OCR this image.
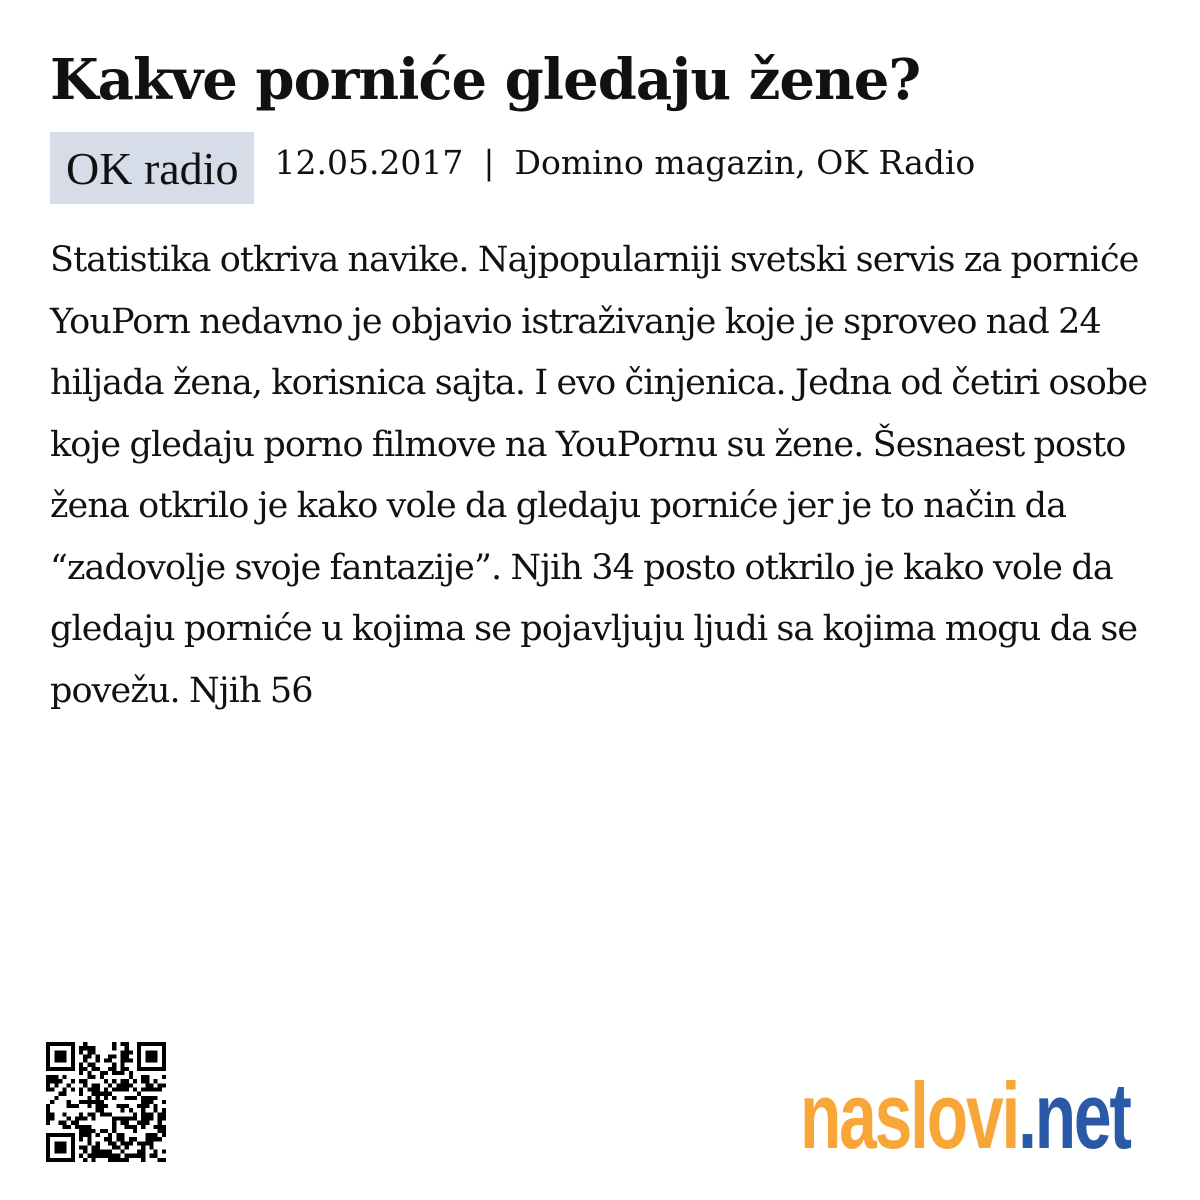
Kakve porniće gledaju žene?
OK radio	12.05.2017 | Domino magazin, OK Radio

Statistika otkriva navike. Najpopularniji svetski servis za porniće YouPorn nedavno je objavio istraživanje koje je sproveo nad 24 hiljada žena, korisnica sajta. I evo činjenica. Jedna od četiri osobe koje gledaju porno filmove na YouPornu su žene. Šesnaest posto žena otkrilo je kako vole da gledaju porniće jer je to način da “zadovolje svoje fantazije”. Njih 34 posto otkrilo je kako vole da gledaju porniće u kojima se pojavljuju ljudi sa kojima mogu da se povežu. Njih 56

naslovi.net
